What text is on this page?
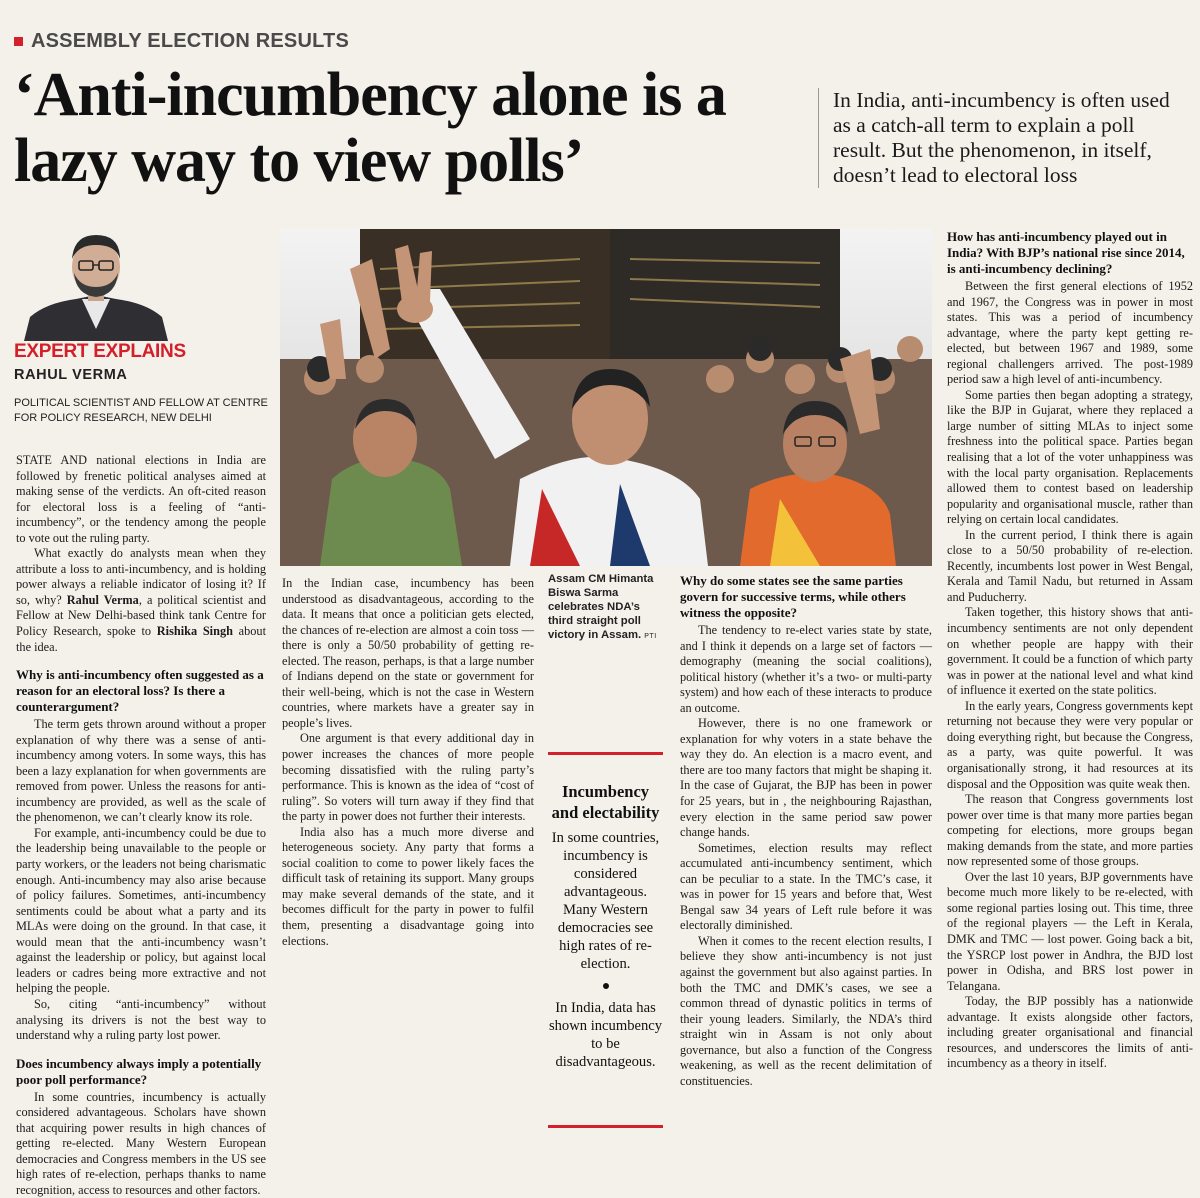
ASSEMBLY ELECTION RESULTS
‘Anti-incumbency alone is a lazy way to view polls’
In India, anti-incumbency is often used as a catch-all term to explain a poll result. But the phenomenon, in itself, doesn’t lead to electoral loss
EXPERT EXPLAINS
RAHUL VERMA
POLITICAL SCIENTIST AND FELLOW AT CENTRE FOR POLICY RESEARCH, NEW DELHI

STATE AND national elections in India are followed by frenetic political analyses aimed at making sense of the verdicts. An oft-cited reason for electoral loss is a feeling of “anti-incumbency”, or the tendency among the people to vote out the ruling party.

What exactly do analysts mean when they attribute a loss to anti-incumbency, and is holding power always a reliable indicator of losing it? If so, why? Rahul Verma, a political scientist and Fellow at New Delhi-based think tank Centre for Policy Research, spoke to Rishika Singh about the idea.

Why is anti-incumbency often suggested as a reason for an electoral loss? Is there a counterargument?

The term gets thrown around without a proper explanation of why there was a sense of anti-incumbency among voters. In some ways, this has been a lazy explanation for when governments are removed from power. Unless the reasons for anti-incumbency are provided, as well as the scale of the phenomenon, we can’t clearly know its role.

For example, anti-incumbency could be due to the leadership being unavailable to the people or party workers, or the leaders not being charismatic enough. Anti-incumbency may also arise because of policy failures. Sometimes, anti-incumbency sentiments could be about what a party and its MLAs were doing on the ground. In that case, it would mean that the anti-incumbency wasn’t against the leadership or policy, but against local leaders or cadres being more extractive and not helping the people.

So, citing “anti-incumbency” without analysing its drivers is not the best way to understand why a ruling party lost power.

Does incumbency always imply a potentially poor poll performance?

In some countries, incumbency is actually considered advantageous. Scholars have shown that acquiring power results in high chances of getting re-elected. Many Western European democracies and Congress members in the US see high rates of re-election, perhaps thanks to name recognition, access to resources and other factors.

Assam CM Himanta Biswa Sarma celebrates NDA’s third straight poll victory in Assam. PTI

In the Indian case, incumbency has been understood as disadvantageous, according to the data. It means that once a politician gets elected, the chances of re-election are almost a coin toss — there is only a 50/50 probability of getting re-elected. The reason, perhaps, is that a large number of Indians depend on the state or government for their well-being, which is not the case in Western countries, where markets have a greater say in people’s lives.

One argument is that every additional day in power increases the chances of more people becoming dissatisfied with the ruling party’s performance. This is known as the idea of “cost of ruling”. So voters will turn away if they find that the party in power does not further their interests.

India also has a much more diverse and heterogeneous society. Any party that forms a social coalition to come to power likely faces the difficult task of retaining its support. Many groups may make several demands of the state, and it becomes difficult for the party in power to fulfil them, presenting a disadvantage going into elections.

Incumbency and electability
In some countries, incumbency is considered advantageous. Many Western democracies see high rates of re-election.
In India, data has shown incumbency to be disadvantageous.
Why do some states see the same parties govern for successive terms, while others witness the opposite?

The tendency to re-elect varies state by state, and I think it depends on a large set of factors — demography (meaning the social coalitions), political history (whether it’s a two- or multi-party system) and how each of these interacts to produce an outcome.

However, there is no one framework or explanation for why voters in a state behave the way they do. An election is a macro event, and there are too many factors that might be shaping it. In the case of Gujarat, the BJP has been in power for 25 years, but in , the neighbouring Rajasthan, every election in the same period saw power change hands.

Sometimes, election results may reflect accumulated anti-incumbency sentiment, which can be peculiar to a state. In the TMC’s case, it was in power for 15 years and before that, West Bengal saw 34 years of Left rule before it was electorally diminished.

When it comes to the recent election results, I believe they show anti-incumbency is not just against the government but also against parties. In both the TMC and DMK’s cases, we see a common thread of dynastic politics in terms of their young leaders. Similarly, the NDA’s third straight win in Assam is not only about governance, but also a function of the Congress weakening, as well as the recent delimitation of constituencies.

How has anti-incumbency played out in India? With BJP’s national rise since 2014, is anti-incumbency declining?

Between the first general elections of 1952 and 1967, the Congress was in power in most states. This was a period of incumbency advantage, where the party kept getting re-elected, but between 1967 and 1989, some regional challengers arrived. The post-1989 period saw a high level of anti-incumbency.

Some parties then began adopting a strategy, like the BJP in Gujarat, where they replaced a large number of sitting MLAs to inject some freshness into the political space. Parties began realising that a lot of the voter unhappiness was with the local party organisation. Replacements allowed them to contest based on leadership popularity and organisational muscle, rather than relying on certain local candidates.

In the current period, I think there is again close to a 50/50 probability of re-election. Recently, incumbents lost power in West Bengal, Kerala and Tamil Nadu, but returned in Assam and Puducherry.

Taken together, this history shows that anti-incumbency sentiments are not only dependent on whether people are happy with their government. It could be a function of which party was in power at the national level and what kind of influence it exerted on the state politics.

In the early years, Congress governments kept returning not because they were very popular or doing everything right, but because the Congress, as a party, was quite powerful. It was organisationally strong, it had resources at its disposal and the Opposition was quite weak then.

The reason that Congress governments lost power over time is that many more parties began competing for elections, more groups began making demands from the state, and more parties now represented some of those groups.

Over the last 10 years, BJP governments have become much more likely to be re-elected, with some regional parties losing out. This time, three of the regional players — the Left in Kerala, DMK and TMC — lost power. Going back a bit, the YSRCP lost power in Andhra, the BJD lost power in Odisha, and BRS lost power in Telangana.

Today, the BJP possibly has a nationwide advantage. It exists alongside other factors, including greater organisational and financial resources, and underscores the limits of anti-incumbency as a theory in itself.
